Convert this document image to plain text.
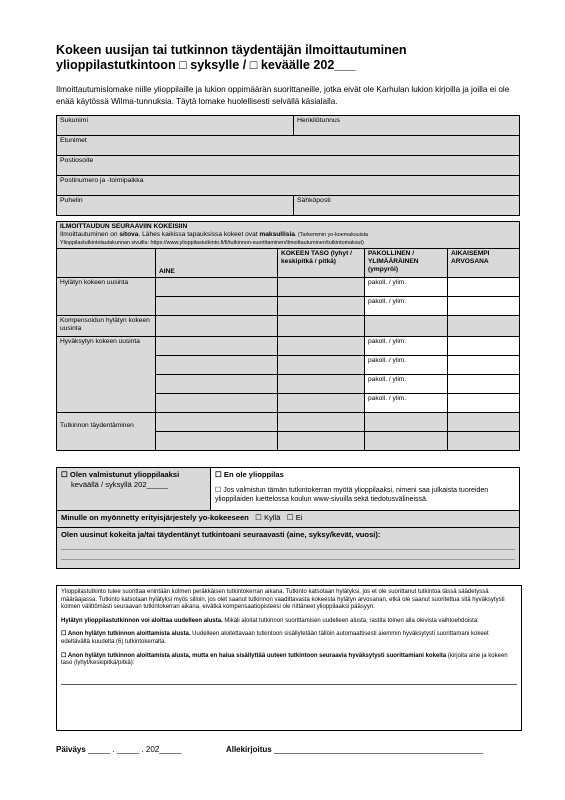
Kokeen uusijan tai tutkinnon täydentäjän ilmoittautuminen
ylioppilastutkintoon □ syksylle / □ keväälle 202___
Ilmoittautumislomake niille ylioppilaille ja lukion oppimäärän suorittaneille, jotka eivät ole Karhulan lukion kirjoilla ja joilla ei ole enää käytössä Wilma-tunnuksia. Täytä lomake huolellisesti selvällä käsialalla.
Sukunimi	Henkilötunnus
Etunimet	
Postiosoite	
Postinumero ja -toimipaikka	
Puhelin	Sähköposti
ILMOITTAUDUN SEURAAVIIN KOKEISIIN
Ilmoittautuminen on sitova. Lähes kaikissa tapauksissa kokeet ovat maksullisia. (Tarkemmin yo-koemaksuista
Ylioppilastutkintolautakunnan sivuilla: https://www.ylioppilastutkinto.fi/fi/tutkinnon-suorittaminen/ilmoittautuminen/tutkintomaksut)				

	AINE	KOKEEN TASO (lyhyt / keskipitkä / pitkä)	PAKOLLINEN / YLIMÄÄRÄINEN (ympyröi)	AIKAISEMPI ARVOSANA
Hylätyn kokeen uusinta			pakoll. / ylim.	
			pakoll. / ylim.	
Kompensoidun hylätyn kokeen uusinta				
Hyväksytyn kokeen uusinta			pakoll. / ylim.	
			pakoll. / ylim.	
			pakoll. / ylim.	
			pakoll. / ylim.	

Tutkinnon täydentäminen				

☐ Olen valmistunut ylioppilaaksi
keväällä / syksyllä 202_____

☐ En ole ylioppilas
☐ Jos valmistun tämän tutkintokerran myötä ylioppilaaksi, nimeni saa julkaista tuoreiden ylioppilaiden luettelossa koulun www-sivuilla sekä tiedotusvälineissä.

Minulle on myönnetty erityisjärjestely yo-kokeeseen ☐ Kyllä ☐ Ei

Olen uusinut kokeita ja/tai täydentänyt tutkintoani seuraavasti (aine, syksy/kevät, vuosi):

Ylioppilastutkinto tulee suorittaa enintään kolmen peräkkäisen tutkintokerran aikana. Tutkinto katsotaan hylätyksi, jos et ole suorittanut tutkintoa tässä säädetyssä määräajassa. Tutkinto katsotaan hylätyksi myös silloin, jos olet saanut tutkinnon vaadittavasta kokeesta hylätyn arvosanan, etkä ole saanut suoritettua sitä hyväksytysti kolmen välittömästi seuraavan tutkintokerran aikana, eivätkä kompensaatiopisteesi ole riittäneet ylioppilaaksi pääsyyn.

Hylätyn ylioppilastutkinnon voi aloittaa uudelleen alusta. Mikäli aloitat tutkinnon suorittamisen uudelleen alusta, rastita toinen alla olevista vaihtoehdoista:

☐ Anon hylätyn tutkinnon aloittamista alusta. Uudelleen aloitettavaan tutkintoon sisällytetään tällöin automaattisesti aiemmin hyväksytysti suorittamani kokeet edeltävältä kuudelta (6) tutkintokerralta.

☐ Anon hylätyn tutkinnon aloittamista alusta, mutta en halua sisällyttää uuteen tutkintoon seuraavia hyväksytysti suorittamiani kokeita (kirjoita aine ja kokeen taso (lyhyt/keskipitkä/pitkä):

Päiväys _____ . _____ . 202_____	Allekirjoitus _______________________________________________
